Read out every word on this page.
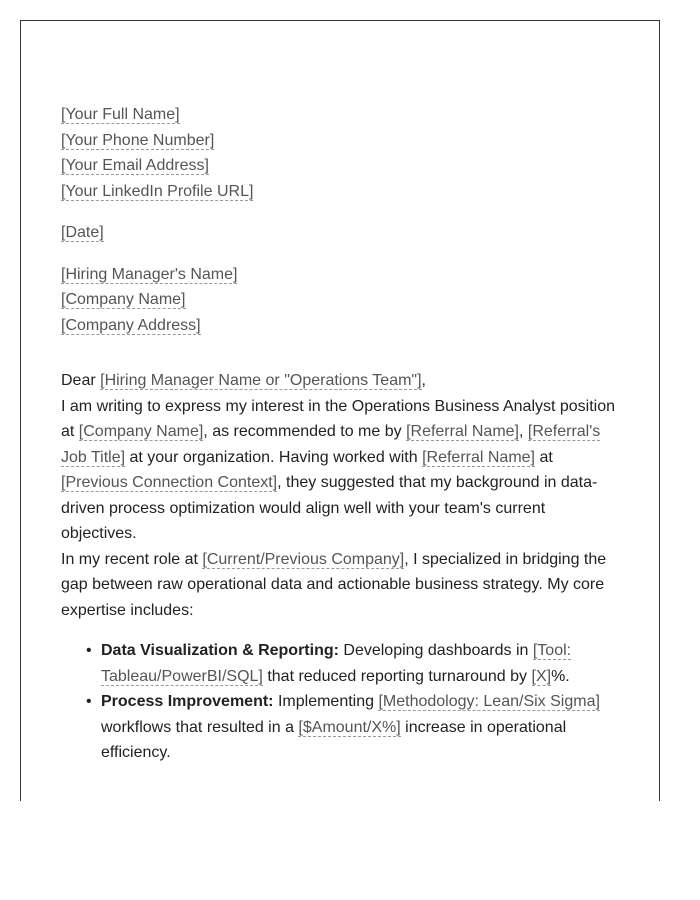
[Your Full Name]
[Your Phone Number]
[Your Email Address]
[Your LinkedIn Profile URL]
[Date]
[Hiring Manager's Name]
[Company Name]
[Company Address]
Dear [Hiring Manager Name or "Operations Team"],

I am writing to express my interest in the Operations Business Analyst position at [Company Name], as recommended to me by [Referral Name], [Referral's Job Title] at your organization. Having worked with [Referral Name] at [Previous Connection Context], they suggested that my background in data-driven process optimization would align well with your team's current objectives.

In my recent role at [Current/Previous Company], I specialized in bridging the gap between raw operational data and actionable business strategy. My core expertise includes:

• Data Visualization & Reporting: Developing dashboards in [Tool: Tableau/PowerBI/SQL] that reduced reporting turnaround by [X]%.
• Process Improvement: Implementing [Methodology: Lean/Six Sigma] workflows that resulted in a [$Amount/X%] increase in operational efficiency.
